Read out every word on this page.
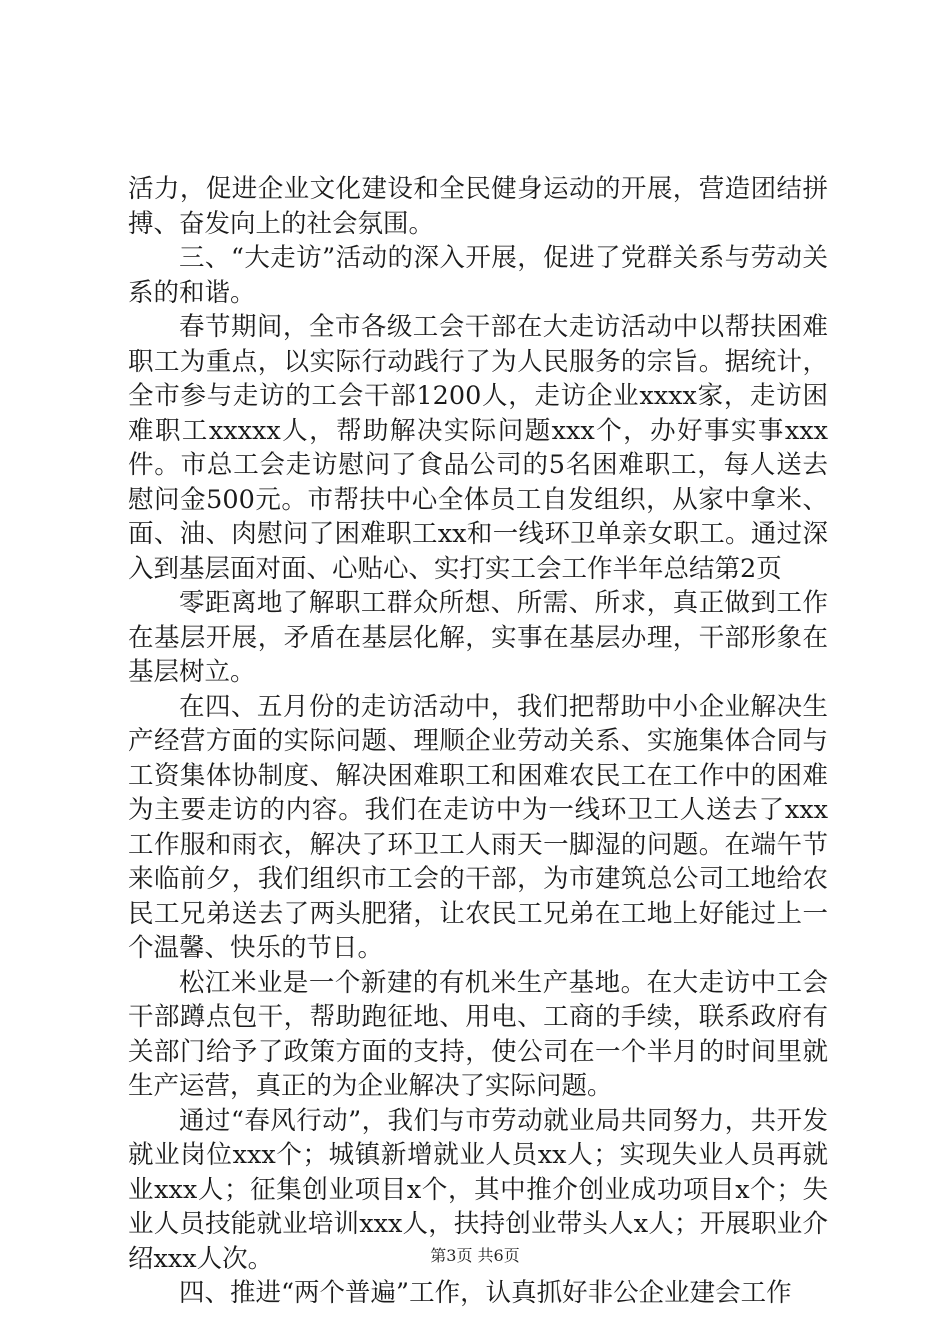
活力，促进企业文化建设和全民健身运动的开展，营造团结拼搏、奋发向上的社会氛围。

三、“大走访”活动的深入开展，促进了党群关系与劳动关系的和谐。

春节期间，全市各级工会干部在大走访活动中以帮扶困难职工为重点，以实际行动践行了为人民服务的宗旨。据统计，全市参与走访的工会干部1200人，走访企业xxxx家，走访困难职工xxxxx人，帮助解决实际问题xxx个，办好事实事xxx件。市总工会走访慰问了食品公司的5名困难职工，每人送去慰问金500元。市帮扶中心全体员工自发组织，从家中拿米、面、油、肉慰问了困难职工xx和一线环卫单亲女职工。通过深入到基层面对面、心贴心、实打实工会工作半年总结第2页

零距离地了解职工群众所想、所需、所求，真正做到工作在基层开展，矛盾在基层化解，实事在基层办理，干部形象在基层树立。

在四、五月份的走访活动中，我们把帮助中小企业解决生产经营方面的实际问题、理顺企业劳动关系、实施集体合同与工资集体协制度、解决困难职工和困难农民工在工作中的困难为主要走访的内容。我们在走访中为一线环卫工人送去了xxx工作服和雨衣，解决了环卫工人雨天一脚湿的问题。在端午节来临前夕，我们组织市工会的干部，为市建筑总公司工地给农民工兄弟送去了两头肥猪，让农民工兄弟在工地上好能过上一个温馨、快乐的节日。

松江米业是一个新建的有机米生产基地。在大走访中工会干部蹲点包干，帮助跑征地、用电、工商的手续，联系政府有关部门给予了政策方面的支持，使公司在一个半月的时间里就生产运营，真正的为企业解决了实际问题。

通过“春风行动”，我们与市劳动就业局共同努力，共开发就业岗位xxx个；城镇新增就业人员xx人；实现失业人员再就业xxx人；征集创业项目x个，其中推介创业成功项目x个；失业人员技能就业培训xxx人，扶持创业带头人x人；开展职业介绍xxx人次。

四、推进“两个普遍”工作，认真抓好非公企业建会工作

第3页 共6页
